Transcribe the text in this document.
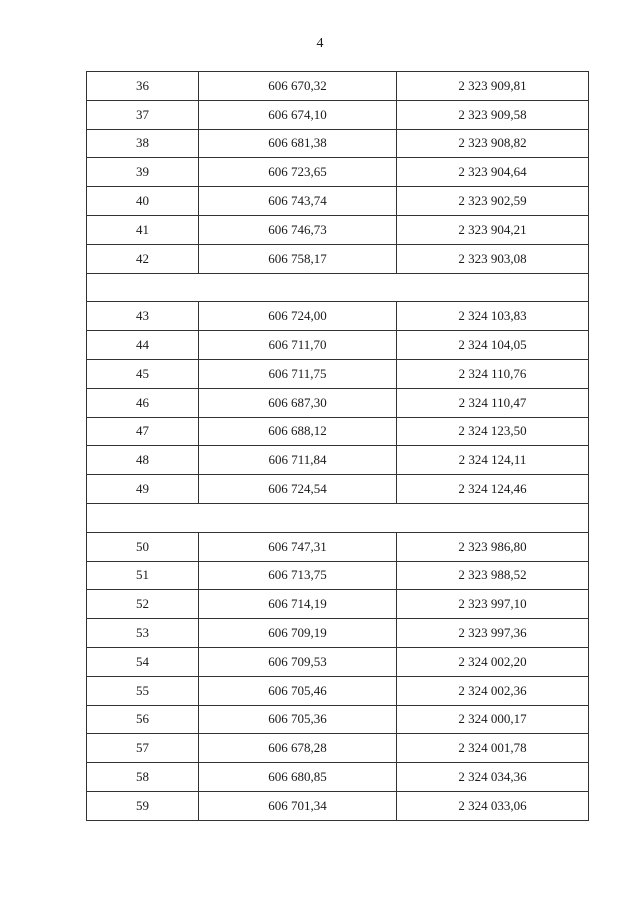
4
36	606 670,32	2 323 909,81
37	606 674,10	2 323 909,58
38	606 681,38	2 323 908,82
39	606 723,65	2 323 904,64
40	606 743,74	2 323 902,59
41	606 746,73	2 323 904,21
42	606 758,17	2 323 903,08

43	606 724,00	2 324 103,83
44	606 711,70	2 324 104,05
45	606 711,75	2 324 110,76
46	606 687,30	2 324 110,47
47	606 688,12	2 324 123,50
48	606 711,84	2 324 124,11
49	606 724,54	2 324 124,46

50	606 747,31	2 323 986,80
51	606 713,75	2 323 988,52
52	606 714,19	2 323 997,10
53	606 709,19	2 323 997,36
54	606 709,53	2 324 002,20
55	606 705,46	2 324 002,36
56	606 705,36	2 324 000,17
57	606 678,28	2 324 001,78
58	606 680,85	2 324 034,36
59	606 701,34	2 324 033,06
